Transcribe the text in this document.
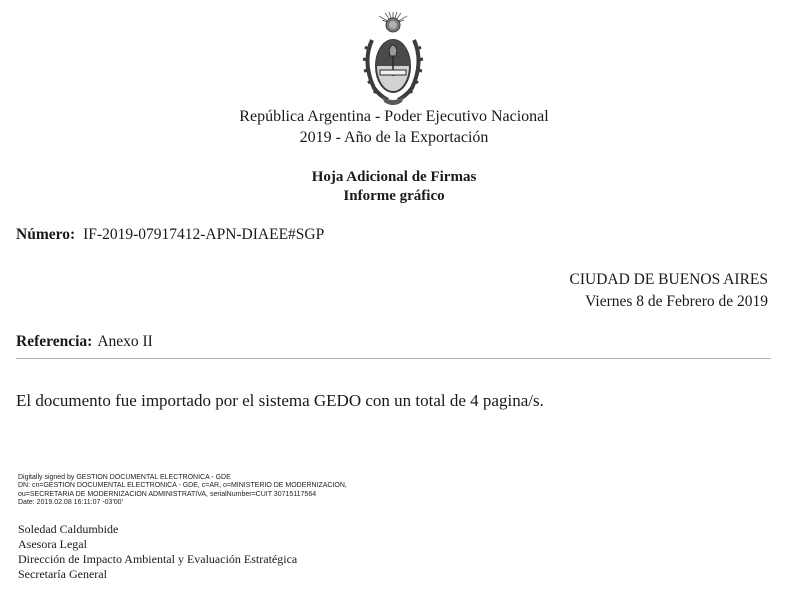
República Argentina - Poder Ejecutivo Nacional
2019 - Año de la Exportación
Hoja Adicional de Firmas
Informe gráfico
Número: IF-2019-07917412-APN-DIAEE#SGP
CIUDAD DE BUENOS AIRES
Viernes 8 de Febrero de 2019
Referencia: Anexo II
El documento fue importado por el sistema GEDO con un total de 4 pagina/s.
Digitally signed by GESTION DOCUMENTAL ELECTRONICA - GDE
DN: cn=GESTION DOCUMENTAL ELECTRONICA - GDE, c=AR, o=MINISTERIO DE MODERNIZACION,
ou=SECRETARIA DE MODERNIZACION ADMINISTRATIVA, serialNumber=CUIT 30715117564
Date: 2019.02.08 16:11:07 -03'00'
Soledad Caldumbide
Asesora Legal
Dirección de Impacto Ambiental y Evaluación Estratégica
Secretaría General
